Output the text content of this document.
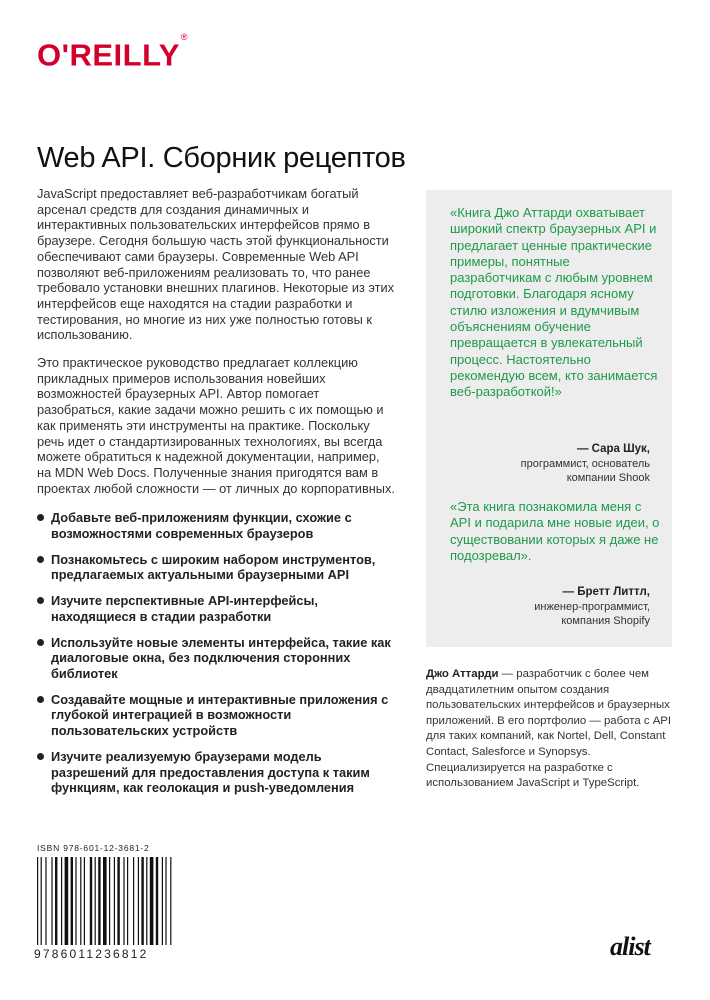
O'REILLY®
Web API. Сборник рецептов

JavaScript предоставляет веб-разработчикам богатый арсенал средств для создания динамичных и интерактивных пользовательских интерфейсов прямо в браузере. Сегодня большую часть этой функциональности обеспечивают сами браузеры. Современные Web API позволяют веб-приложениям реализовать то, что ранее требовало установки внешних плагинов. Некоторые из этих интерфейсов еще находятся на стадии разработки и тестирования, но многие из них уже полностью готовы к использованию.

Это практическое руководство предлагает коллекцию прикладных примеров использования новейших возможностей браузерных API. Автор помогает разобраться, какие задачи можно решить с их помощью и как применять эти инструменты на практике. Поскольку речь идет о стандартизированных технологиях, вы всегда можете обратиться к надежной документации, например, на MDN Web Docs. Полученные знания пригодятся вам в проектах любой сложности — от личных до корпоративных.

Добавьте веб-приложениям функции, схожие с возможностями современных браузеров
Познакомьтесь с широким набором инструментов, предлагаемых актуальными браузерными API
Изучите перспективные API-интерфейсы, находящиеся в стадии разработки
Используйте новые элементы интерфейса, такие как диалоговые окна, без подключения сторонних библиотек
Создавайте мощные и интерактивные приложения с глубокой интеграцией в возможности пользовательских устройств
Изучите реализуемую браузерами модель разрешений для предоставления доступа к таким функциям, как геолокация и push-уведомления
«Книга Джо Аттарди охватывает широкий спектр браузерных API и предлагает ценные практические примеры, понятные разработчикам с любым уровнем подготовки. Благодаря ясному стилю изложения и вдумчивым объяснениям обучение превращается в увлекательный процесс. Настоятельно рекомендую всем, кто занимается веб-разработкой!»
— Сара Шук,
программист, основатель
компании Shook
«Эта книга познакомила меня с API и подарила мне новые идеи, о существовании которых я даже не подозревал».
— Бретт Литтл,
инженер-программист,
компания Shopify
Джо Аттарди — разработчик с более чем двадцатилетним опытом создания пользовательских интерфейсов и браузерных приложений. В его портфолио — работа с API для таких компаний, как Nortel, Dell, Constant Contact, Salesforce и Synopsys. Специализируется на разработке с использованием JavaScript и TypeScript.
ISBN 978-601-12-3681-2
9786011236812	alist
